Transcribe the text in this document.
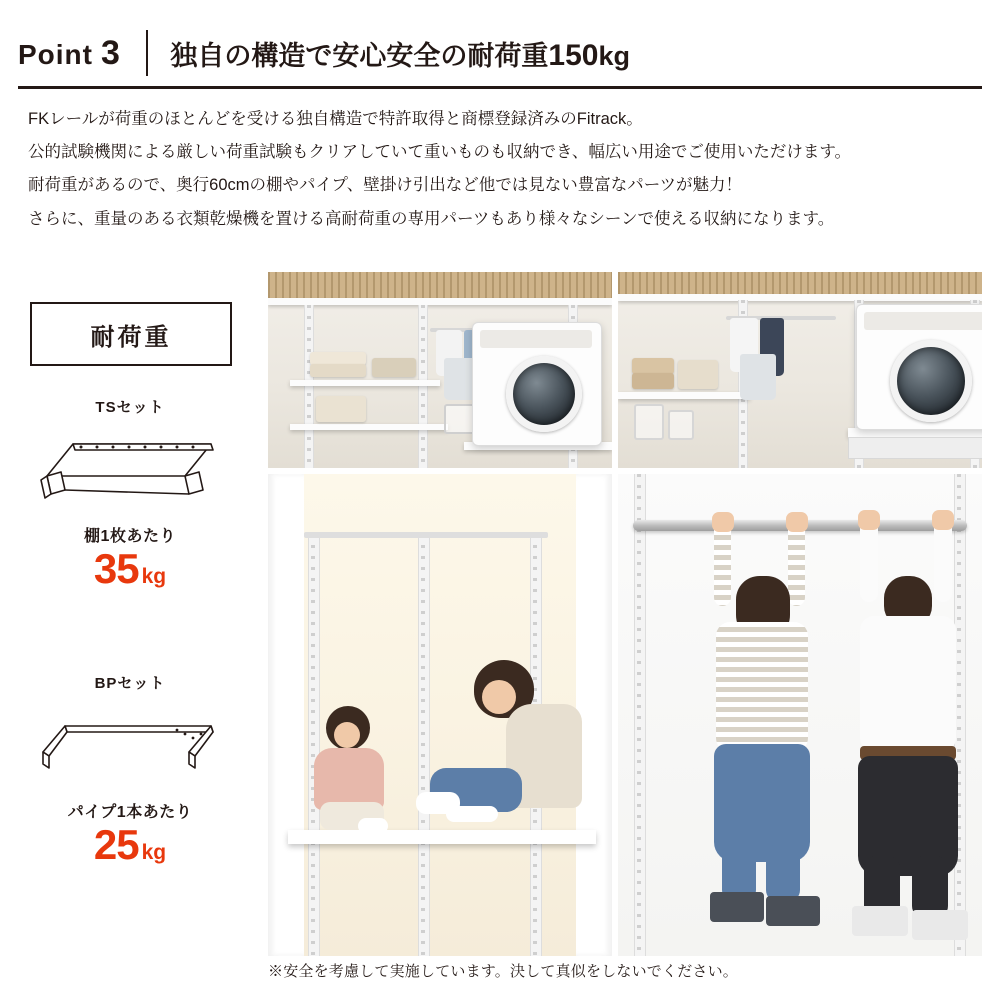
Point 3 独自の構造で安心安全の耐荷重150kg

FKレールが荷重のほとんどを受ける独自構造で特許取得と商標登録済みのFitrack。

公的試験機関による厳しい荷重試験もクリアしていて重いものも収納でき、幅広い用途でご使用いただけます。

耐荷重があるので、奥行60cmの棚やパイプ、壁掛け引出など他では見ない豊富なパーツが魅力！

さらに、重量のある衣類乾燥機を置ける高耐荷重の専用パーツもあり様々なシーンで使える収納になります。

耐荷重
TSセット
棚1枚あたり
35 kg
BPセット
パイプ1本あたり
25 kg
※安全を考慮して実施しています。決して真似をしないでください。
